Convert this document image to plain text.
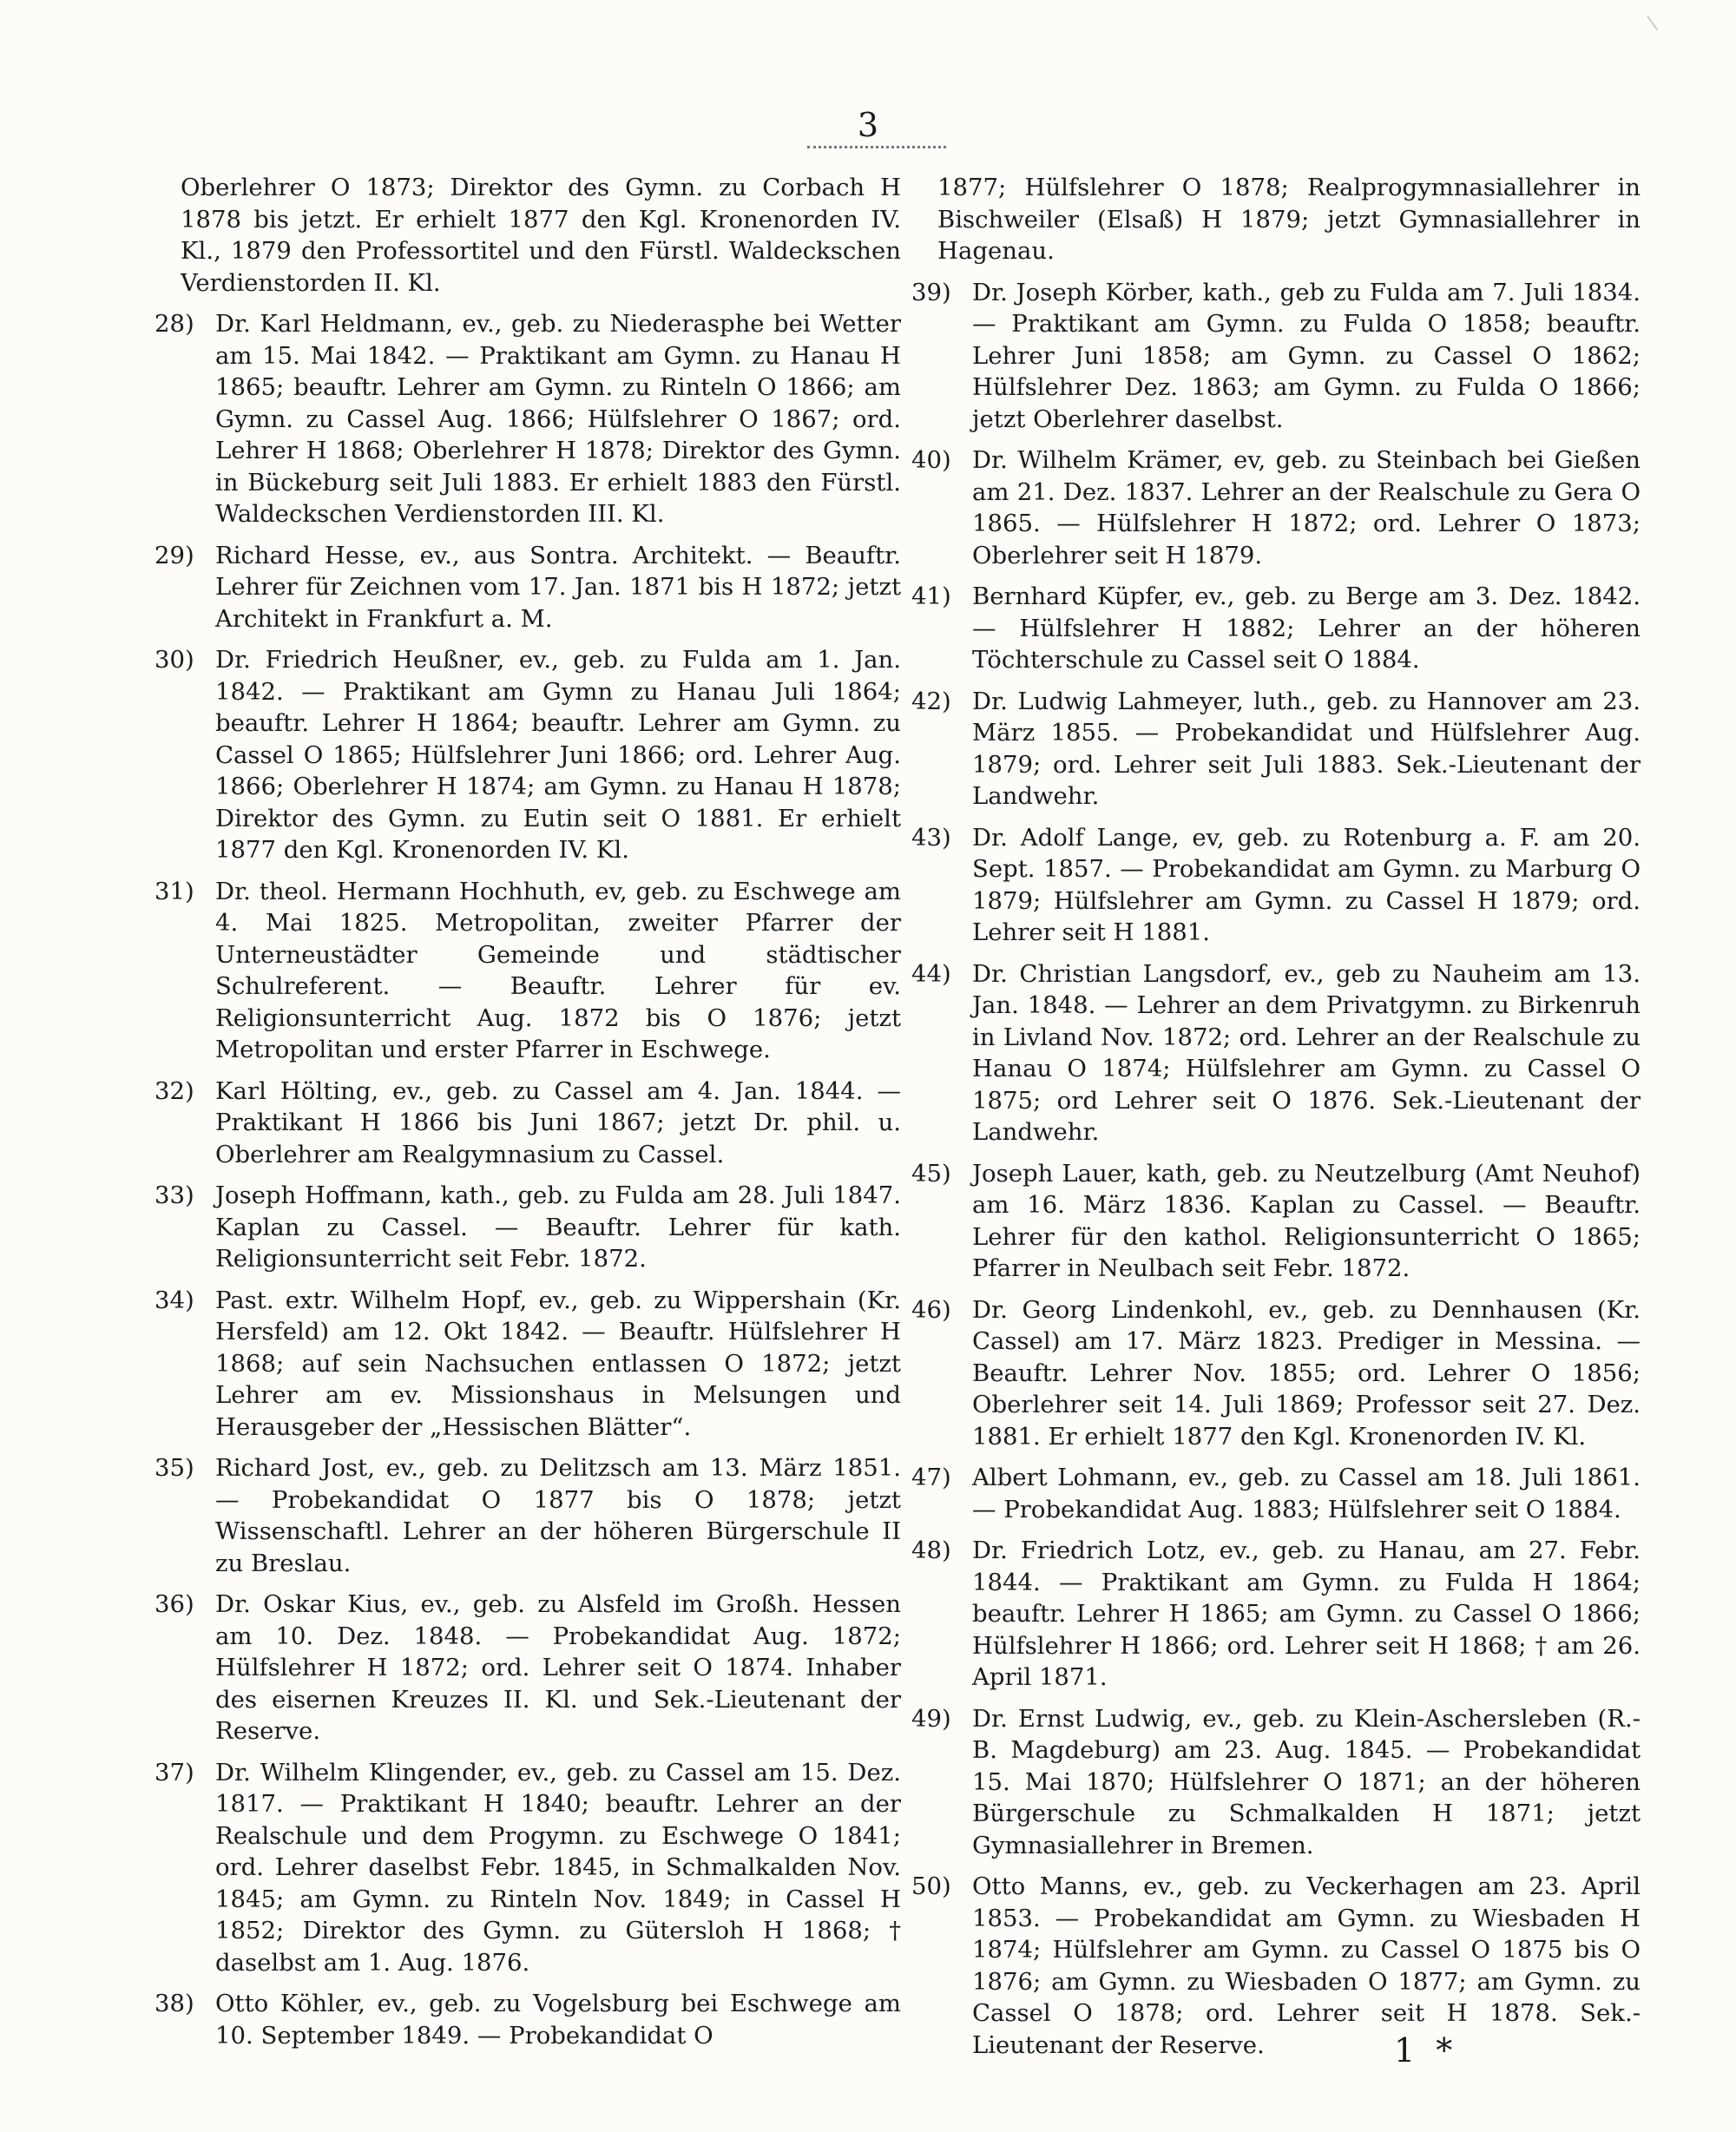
3
Oberlehrer O 1873; Direktor des Gymn. zu Corbach H 1878 bis jetzt. Er erhielt 1877 den Kgl. Kronenorden IV. Kl., 1879 den Professortitel und den Fürstl. Waldeckschen Verdienstorden II. Kl.
28) Dr. Karl Heldmann, ev., geb. zu Niederasphe bei Wetter am 15. Mai 1842. — Praktikant am Gymn. zu Hanau H 1865; beauftr. Lehrer am Gymn. zu Rinteln O 1866; am Gymn. zu Cassel Aug. 1866; Hülfslehrer O 1867; ord. Lehrer H 1868; Oberlehrer H 1878; Direktor des Gymn. in Bückeburg seit Juli 1883. Er erhielt 1883 den Fürstl. Waldeckschen Verdienstorden III. Kl.
29) Richard Hesse, ev., aus Sontra. Architekt. — Beauftr. Lehrer für Zeichnen vom 17. Jan. 1871 bis H 1872; jetzt Architekt in Frankfurt a. M.
30) Dr. Friedrich Heußner, ev., geb. zu Fulda am 1. Jan. 1842. — Praktikant am Gymn zu Hanau Juli 1864; beauftr. Lehrer H 1864; beauftr. Lehrer am Gymn. zu Cassel O 1865; Hülfslehrer Juni 1866; ord. Lehrer Aug. 1866; Oberlehrer H 1874; am Gymn. zu Hanau H 1878; Direktor des Gymn. zu Eutin seit O 1881. Er erhielt 1877 den Kgl. Kronenorden IV. Kl.
31) Dr. theol. Hermann Hochhuth, ev, geb. zu Eschwege am 4. Mai 1825. Metropolitan, zweiter Pfarrer der Unterneustädter Gemeinde und städtischer Schulreferent. — Beauftr. Lehrer für ev. Religionsunterricht Aug. 1872 bis O 1876; jetzt Metropolitan und erster Pfarrer in Eschwege.
32) Karl Hölting, ev., geb. zu Cassel am 4. Jan. 1844. — Praktikant H 1866 bis Juni 1867; jetzt Dr. phil. u. Oberlehrer am Realgymnasium zu Cassel.
33) Joseph Hoffmann, kath., geb. zu Fulda am 28. Juli 1847. Kaplan zu Cassel. — Beauftr. Lehrer für kath. Religionsunterricht seit Febr. 1872.
34) Past. extr. Wilhelm Hopf, ev., geb. zu Wippershain (Kr. Hersfeld) am 12. Okt 1842. — Beauftr. Hülfslehrer H 1868; auf sein Nachsuchen entlassen O 1872; jetzt Lehrer am ev. Missionshaus in Melsungen und Herausgeber der „Hessischen Blätter“.
35) Richard Jost, ev., geb. zu Delitzsch am 13. März 1851. — Probekandidat O 1877 bis O 1878; jetzt Wissenschaftl. Lehrer an der höheren Bürgerschule II zu Breslau.
36) Dr. Oskar Kius, ev., geb. zu Alsfeld im Großh. Hessen am 10. Dez. 1848. — Probekandidat Aug. 1872; Hülfslehrer H 1872; ord. Lehrer seit O 1874. Inhaber des eisernen Kreuzes II. Kl. und Sek.-Lieutenant der Reserve.
37) Dr. Wilhelm Klingender, ev., geb. zu Cassel am 15. Dez. 1817. — Praktikant H 1840; beauftr. Lehrer an der Realschule und dem Progymn. zu Eschwege O 1841; ord. Lehrer daselbst Febr. 1845, in Schmalkalden Nov. 1845; am Gymn. zu Rinteln Nov. 1849; in Cassel H 1852; Direktor des Gymn. zu Gütersloh H 1868; † daselbst am 1. Aug. 1876.
38) Otto Köhler, ev., geb. zu Vogelsburg bei Eschwege am 10. September 1849. — Probekandidat O
1877; Hülfslehrer O 1878; Realprogymnasiallehrer in Bischweiler (Elsaß) H 1879; jetzt Gymnasiallehrer in Hagenau.
39) Dr. Joseph Körber, kath., geb zu Fulda am 7. Juli 1834. — Praktikant am Gymn. zu Fulda O 1858; beauftr. Lehrer Juni 1858; am Gymn. zu Cassel O 1862; Hülfslehrer Dez. 1863; am Gymn. zu Fulda O 1866; jetzt Oberlehrer daselbst.
40) Dr. Wilhelm Krämer, ev, geb. zu Steinbach bei Gießen am 21. Dez. 1837. Lehrer an der Realschule zu Gera O 1865. — Hülfslehrer H 1872; ord. Lehrer O 1873; Oberlehrer seit H 1879.
41) Bernhard Küpfer, ev., geb. zu Berge am 3. Dez. 1842. — Hülfslehrer H 1882; Lehrer an der höheren Töchterschule zu Cassel seit O 1884.
42) Dr. Ludwig Lahmeyer, luth., geb. zu Hannover am 23. März 1855. — Probekandidat und Hülfslehrer Aug. 1879; ord. Lehrer seit Juli 1883. Sek.-Lieutenant der Landwehr.
43) Dr. Adolf Lange, ev, geb. zu Rotenburg a. F. am 20. Sept. 1857. — Probekandidat am Gymn. zu Marburg O 1879; Hülfslehrer am Gymn. zu Cassel H 1879; ord. Lehrer seit H 1881.
44) Dr. Christian Langsdorf, ev., geb zu Nauheim am 13. Jan. 1848. — Lehrer an dem Privatgymn. zu Birkenruh in Livland Nov. 1872; ord. Lehrer an der Realschule zu Hanau O 1874; Hülfslehrer am Gymn. zu Cassel O 1875; ord Lehrer seit O 1876. Sek.-Lieutenant der Landwehr.
45) Joseph Lauer, kath, geb. zu Neutzelburg (Amt Neuhof) am 16. März 1836. Kaplan zu Cassel. — Beauftr. Lehrer für den kathol. Religionsunterricht O 1865; Pfarrer in Neulbach seit Febr. 1872.
46) Dr. Georg Lindenkohl, ev., geb. zu Dennhausen (Kr. Cassel) am 17. März 1823. Prediger in Messina. — Beauftr. Lehrer Nov. 1855; ord. Lehrer O 1856; Oberlehrer seit 14. Juli 1869; Professor seit 27. Dez. 1881. Er erhielt 1877 den Kgl. Kronenorden IV. Kl.
47) Albert Lohmann, ev., geb. zu Cassel am 18. Juli 1861. — Probekandidat Aug. 1883; Hülfslehrer seit O 1884.
48) Dr. Friedrich Lotz, ev., geb. zu Hanau, am 27. Febr. 1844. — Praktikant am Gymn. zu Fulda H 1864; beauftr. Lehrer H 1865; am Gymn. zu Cassel O 1866; Hülfslehrer H 1866; ord. Lehrer seit H 1868; † am 26. April 1871.
49) Dr. Ernst Ludwig, ev., geb. zu Klein-Aschersleben (R.-B. Magdeburg) am 23. Aug. 1845. — Probekandidat 15. Mai 1870; Hülfslehrer O 1871; an der höheren Bürgerschule zu Schmalkalden H 1871; jetzt Gymnasiallehrer in Bremen.
50) Otto Manns, ev., geb. zu Veckerhagen am 23. April 1853. — Probekandidat am Gymn. zu Wiesbaden H 1874; Hülfslehrer am Gymn. zu Cassel O 1875 bis O 1876; am Gymn. zu Wiesbaden O 1877; am Gymn. zu Cassel O 1878; ord. Lehrer seit H 1878. Sek.-Lieutenant der Reserve.	1 *
